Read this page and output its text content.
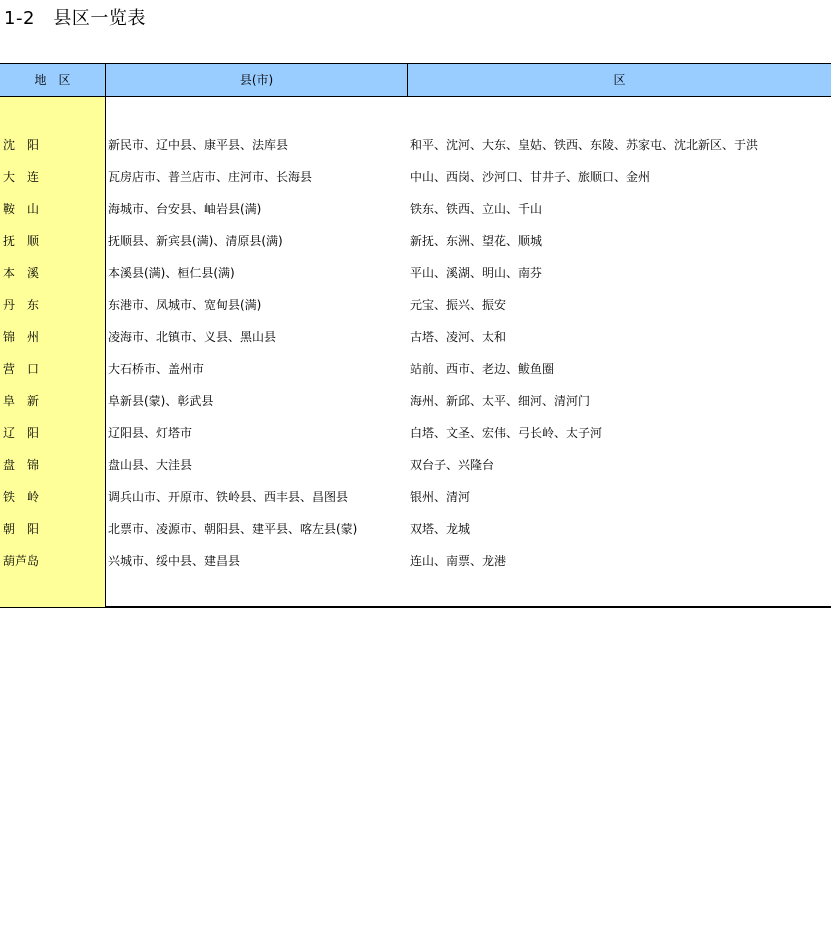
1-2　县区一览表
地　区	县(市)	区
沈　阳	新民市、辽中县、康平县、法库县	和平、沈河、大东、皇姑、铁西、东陵、苏家屯、沈北新区、于洪
大　连	瓦房店市、普兰店市、庄河市、长海县	中山、西岗、沙河口、甘井子、旅顺口、金州
鞍　山	海城市、台安县、岫岩县(满)	铁东、铁西、立山、千山
抚　顺	抚顺县、新宾县(满)、清原县(满)	新抚、东洲、望花、顺城
本　溪	本溪县(满)、桓仁县(满)	平山、溪湖、明山、南芬
丹　东	东港市、凤城市、宽甸县(满)	元宝、振兴、振安
锦　州	凌海市、北镇市、义县、黑山县	古塔、凌河、太和
营　口	大石桥市、盖州市	站前、西市、老边、鲅鱼圈
阜　新	阜新县(蒙)、彰武县	海州、新邱、太平、细河、清河门
辽　阳	辽阳县、灯塔市	白塔、文圣、宏伟、弓长岭、太子河
盘　锦	盘山县、大洼县	双台子、兴隆台
铁　岭	调兵山市、开原市、铁岭县、西丰县、昌图县	银州、清河
朝　阳	北票市、凌源市、朝阳县、建平县、喀左县(蒙)	双塔、龙城
葫芦岛	兴城市、绥中县、建昌县	连山、南票、龙港
